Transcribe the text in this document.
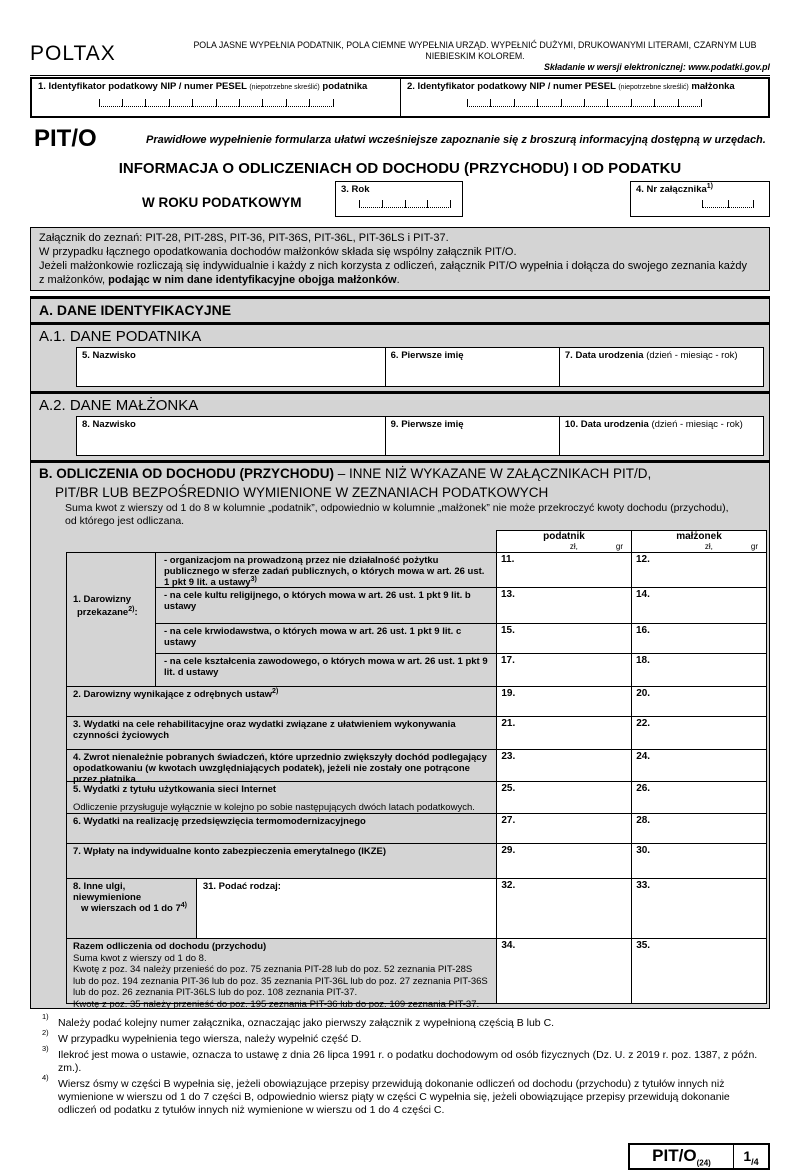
POLTAX	POLA JASNE WYPEŁNIA PODATNIK, POLA CIEMNE WYPEŁNIA URZĄD. WYPEŁNIĆ DUŻYMI, DRUKOWANYMI LITERAMI, CZARNYM LUB NIEBIESKIM KOLOREM.
Składanie w wersji elektronicznej: www.podatki.gov.pl
1. Identyfikator podatkowy NIP / numer PESEL (niepotrzebne skreślić) podatnika	2. Identyfikator podatkowy NIP / numer PESEL (niepotrzebne skreślić) małżonka
PIT/O	Prawidłowe wypełnienie formularza ułatwi wcześniejsze zapoznanie się z broszurą informacyjną dostępną w urzędach.
INFORMACJA O ODLICZENIACH OD DOCHODU (PRZYCHODU) I OD PODATKU
W ROKU PODATKOWYM
3. Rok	4. Nr załącznika$^{1)}$
Załącznik do zeznań: PIT-28, PIT-28S, PIT-36, PIT-36S, PIT-36L, PIT-36LS i PIT-37.
W przypadku łącznego opodatkowania dochodów małżonków składa się wspólny załącznik PIT/O.
Jeżeli małżonkowie rozliczają się indywidualnie i każdy z nich korzysta z odliczeń, załącznik PIT/O wypełnia i dołącza do swojego zeznania każdy
z małżonków, podając w nim dane identyfikacyjne obojga małżonków.
A. DANE IDENTYFIKACYJNE
A.1. DANE PODATNIKA
5. Nazwisko	6. Pierwsze imię	7. Data urodzenia (dzień - miesiąc - rok)
A.2. DANE MAŁŻONKA
8. Nazwisko	9. Pierwsze imię	10. Data urodzenia (dzień - miesiąc - rok)
B. ODLICZENIA OD DOCHODU (PRZYCHODU) – INNE NIŻ WYKAZANE W ZAŁĄCZNIKACH PIT/D,
PIT/BR LUB BEZPOŚREDNIO WYMIENIONE W ZEZNANIACH PODATKOWYCH
Suma kwot z wierszy od 1 do 8 w kolumnie „podatnik”, odpowiednio w kolumnie „małżonek” nie może przekroczyć kwoty dochodu (przychodu), od którego jest odliczana.
podatnik
zł,	gr
małżonek
zł,	gr
1. Darowizny
przekazane$^{2)}$:
- organizacjom na prowadzoną przez nie działalność pożytku publicznego w sferze zadań publicznych, o których mowa w art. 26 ust. 1 pkt 9 lit. a ustawy$^{3)}$
11.	12.
- na cele kultu religijnego, o których mowa w art. 26 ust. 1 pkt 9 lit. b ustawy
13.	14.
- na cele krwiodawstwa, o których mowa w art. 26 ust. 1 pkt 9 lit. c ustawy
15.	16.
- na cele kształcenia zawodowego, o których mowa w art. 26 ust. 1 pkt 9 lit. d ustawy
17.	18.
2. Darowizny wynikające z odrębnych ustaw$^{2)}$	19.	20.
3. Wydatki na cele rehabilitacyjne oraz wydatki związane z ułatwieniem wykonywania czynności życiowych
21.	22.
4. Zwrot nienależnie pobranych świadczeń, które uprzednio zwiększyły dochód podlegający opodatkowaniu (w kwotach uwzględniających podatek), jeżeli nie zostały one potrącone przez płatnika
23.	24.
5. Wydatki z tytułu użytkowania sieci Internet
Odliczenie przysługuje wyłącznie w kolejno po sobie następujących dwóch latach podatkowych.
25.	26.
6. Wydatki na realizację przedsięwzięcia termomodernizacyjnego	27.	28.
7. Wpłaty na indywidualne konto zabezpieczenia emerytalnego (IKZE)	29.	30.
8. Inne ulgi, niewymienione
w wierszach od 1 do 7$^{4)}$
31. Podać rodzaj:	32.	33.
Razem odliczenia od dochodu (przychodu)
Suma kwot z wierszy od 1 do 8.
Kwotę z poz. 34 należy przenieść do poz. 75 zeznania PIT-28 lub do poz. 52 zeznania PIT-28S
lub do poz. 194 zeznania PIT-36 lub do poz. 35 zeznania PIT-36L lub do poz. 27 zeznania PIT-36S
lub do poz. 26 zeznania PIT-36LS lub do poz. 108 zeznania PIT-37.
Kwotę z poz. 35 należy przenieść do poz. 195 zeznania PIT-36 lub do poz. 109 zeznania PIT-37.
34.	35.
1)
Należy podać kolejny numer załącznika, oznaczając jako pierwszy załącznik z wypełnioną częścią B lub C.
2)
W przypadku wypełnienia tego wiersza, należy wypełnić część D.
3)
Ilekroć jest mowa o ustawie, oznacza to ustawę z dnia 26 lipca 1991 r. o podatku dochodowym od osób fizycznych (Dz. U. z 2019 r. poz. 1387, z późn. zm.).
4)
Wiersz ósmy w części B wypełnia się, jeżeli obowiązujące przepisy przewidują dokonanie odliczeń od dochodu (przychodu) z tytułów innych niż wymienione w wierszu od 1 do 7 części B, odpowiednio wiersz piąty w części C wypełnia się, jeżeli obowiązujące przepisy przewidują dokonanie odliczeń od podatku z tytułów innych niż wymienione w wierszu od 1 do 4 części C.
PIT/$O_{(24)}$	$1_{/4}$
